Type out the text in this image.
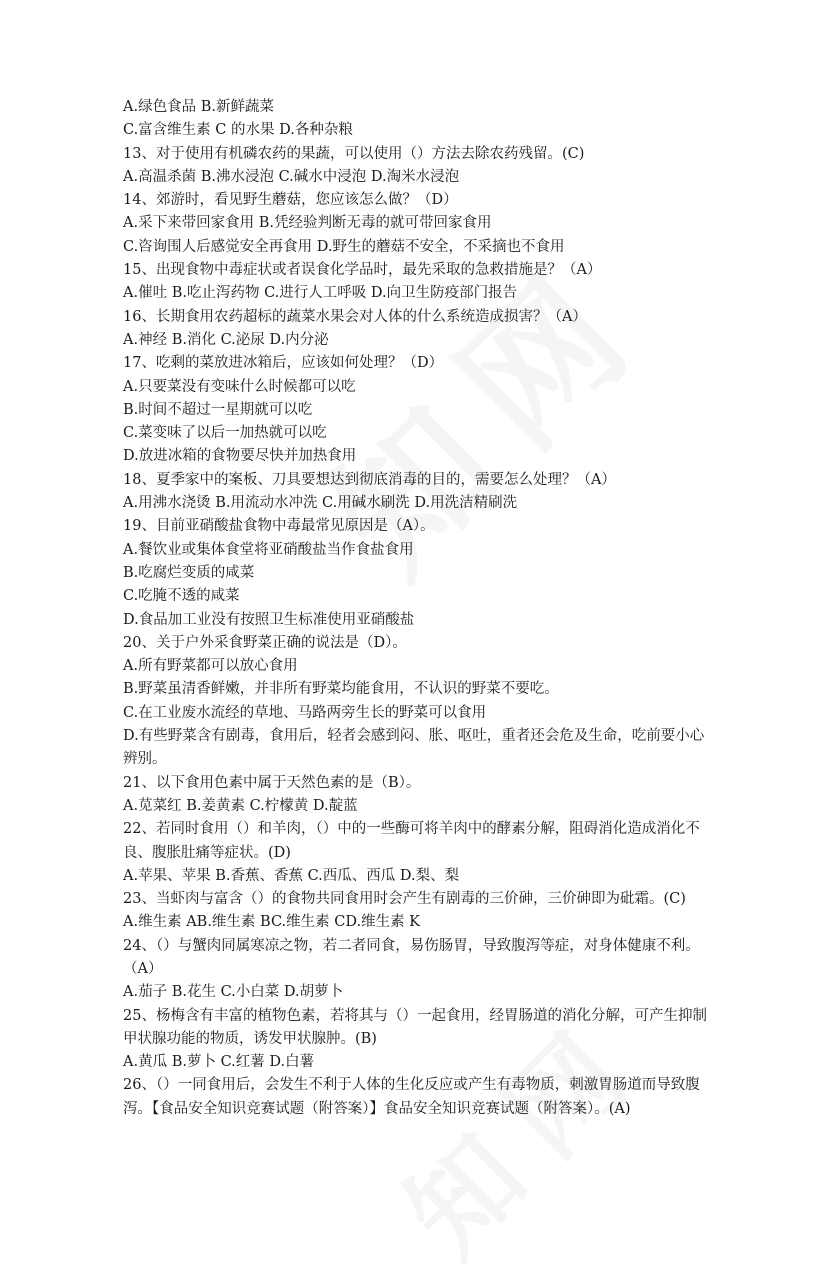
A.绿色食品 B.新鲜蔬菜
C.富含维生素 C 的水果 D.各种杂粮
13、对于使用有机磷农药的果蔬，可以使用（）方法去除农药残留。(C)
A.高温杀菌 B.沸水浸泡 C.碱水中浸泡 D.淘米水浸泡
14、郊游时，看见野生蘑菇，您应该怎么做？（D）
A.采下来带回家食用 B.凭经验判断无毒的就可带回家食用
C.咨询围人后感觉安全再食用 D.野生的蘑菇不安全，不采摘也不食用
15、出现食物中毒症状或者误食化学品时，最先采取的急救措施是？（A）
A.催吐 B.吃止泻药物 C.进行人工呼吸 D.向卫生防疫部门报告
16、长期食用农药超标的蔬菜水果会对人体的什么系统造成损害？（A）
A.神经 B.消化 C.泌尿 D.内分泌
17、吃剩的菜放进冰箱后，应该如何处理？（D）
A.只要菜没有变味什么时候都可以吃
B.时间不超过一星期就可以吃
C.菜变味了以后一加热就可以吃
D.放进冰箱的食物要尽快并加热食用
18、夏季家中的案板、刀具要想达到彻底消毒的目的，需要怎么处理？（A）
A.用沸水浇烫 B.用流动水冲洗 C.用碱水刷洗 D.用洗洁精刷洗
19、目前亚硝酸盐食物中毒最常见原因是（A）。
A.餐饮业或集体食堂将亚硝酸盐当作食盐食用
B.吃腐烂变质的咸菜
C.吃腌不透的咸菜
D.食品加工业没有按照卫生标准使用亚硝酸盐
20、关于户外采食野菜正确的说法是（D）。
A.所有野菜都可以放心食用
B.野菜虽清香鲜嫩，并非所有野菜均能食用，不认识的野菜不要吃。
C.在工业废水流经的草地、马路两旁生长的野菜可以食用
D.有些野菜含有剧毒，食用后，轻者会感到闷、胀、呕吐，重者还会危及生命，吃前要小心
辨别。
21、以下食用色素中属于天然色素的是（B）。
A.苋菜红 B.姜黄素 C.柠檬黄 D.靛蓝
22、若同时食用（）和羊肉，（）中的一些酶可将羊肉中的酵素分解，阻碍消化造成消化不
良、腹胀肚痛等症状。(D)
A.苹果、苹果 B.香蕉、香蕉 C.西瓜、西瓜 D.梨、梨
23、当虾肉与富含（）的食物共同食用时会产生有剧毒的三价砷，三价砷即为砒霜。(C)
A.维生素 AB.维生素 BC.维生素 CD.维生素 K
24、（）与蟹肉同属寒凉之物，若二者同食，易伤肠胃，导致腹泻等症，对身体健康不利。
（A）
A.茄子 B.花生 C.小白菜 D.胡萝卜
25、杨梅含有丰富的植物色素，若将其与（）一起食用，经胃肠道的消化分解，可产生抑制
甲状腺功能的物质，诱发甲状腺肿。(B)
A.黄瓜 B.萝卜 C.红薯 D.白薯
26、（）一同食用后，会发生不利于人体的生化反应或产生有毒物质，刺激胃肠道而导致腹
泻。【食品安全知识竞赛试题（附答案）】食品安全知识竞赛试题（附答案）。(A)
